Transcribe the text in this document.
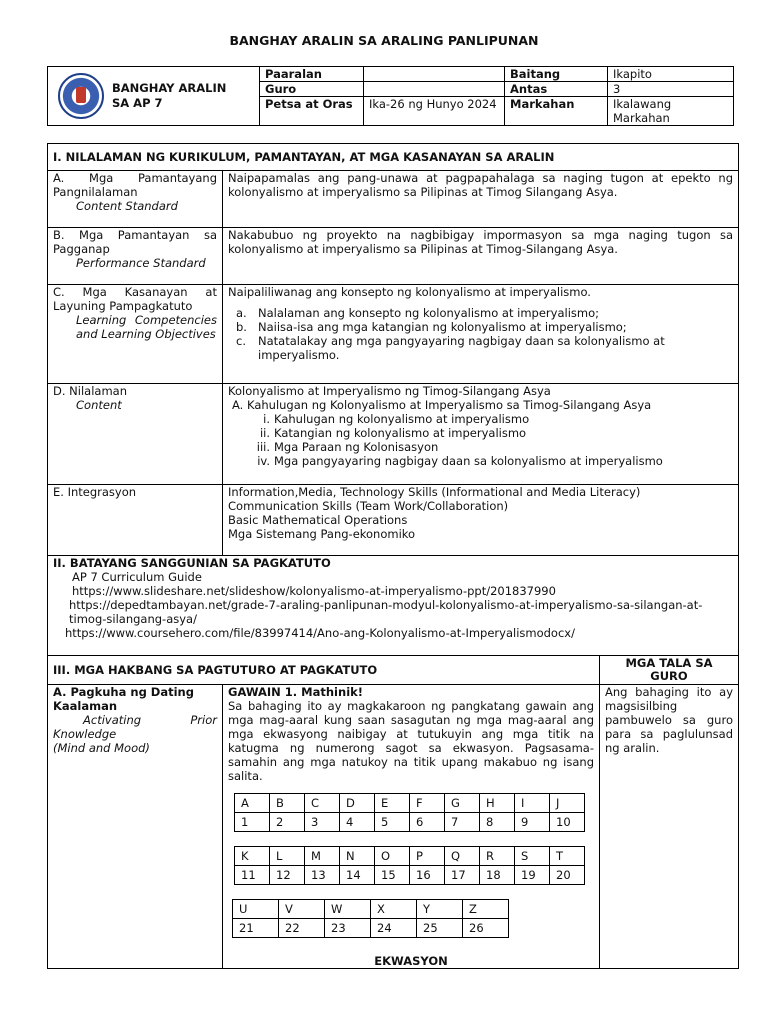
BANGHAY ARALIN SA ARALING PANLIPUNAN
BANGHAY ARALIN SA AP 7	Paaralan		Baitang	Ikapito
	Guro		Antas	3
	Petsa at Oras	Ika-26 ng Hunyo 2024	Markahan	Ikalawang Markahan
I. NILALAMAN NG KURIKULUM, PAMANTAYAN, AT MGA KASANAYAN SA ARALIN

A. Mga Pamantayang Pangnilalaman
Content Standard
	Naipapamalas ang pang-unawa at pagpapahalaga sa naging tugon at epekto ng kolonyalismo at imperyalismo sa Pilipinas at Timog Silangang Asya.

B. Mga Pamantayan sa Pagganap
Performance Standard
	Nakabubuo ng proyekto na nagbibigay impormasyon sa mga naging tugon sa kolonyalismo at imperyalismo sa Pilipinas at Timog-Silangang Asya.

C. Mga Kasanayan at Layuning Pampagkatuto
Learning Competencies and Learning Objectives

Naipaliliwanag ang konsepto ng kolonyalismo at imperyalismo.
a. Nalalaman ang konsepto ng kolonyalismo at imperyalismo;
b. Naiisa-isa ang mga katangian ng kolonyalismo at imperyalismo;
c. Natatalakay ang mga pangyayaring nagbigay daan sa kolonyalismo at imperyalismo.

D. Nilalaman
Content

Kolonyalismo at Imperyalismo ng Timog-Silangang Asya
A. Kahulugan ng Kolonyalismo at Imperyalismo sa Timog-Silangang Asya
i. Kahulugan ng kolonyalismo at imperyalismo
ii. Katangian ng kolonyalismo at imperyalismo
iii. Mga Paraan ng Kolonisasyon
iv. Mga pangyayaring nagbigay daan sa kolonyalismo at imperyalismo

E. Integrasyon	Information,Media, Technology Skills (Informational and Media Literacy)
Communication Skills (Team Work/Collaboration)
Basic Mathematical Operations
Mga Sistemang Pang-ekonomiko

II. BATAYANG SANGGUNIAN SA PAGKATUTO
AP 7 Curriculum Guide
https://www.slideshare.net/slideshow/kolonyalismo-at-imperyalismo-ppt/201837990
https://depedtambayan.net/grade-7-araling-panlipunan-modyul-kolonyalismo-at-imperyalismo-sa-silangan-at-timog-silangang-asya/
https://www.coursehero.com/file/83997414/Ano-ang-Kolonyalismo-at-Imperyalismodocx/

III. MGA HAKBANG SA PAGTUTURO AT PAGKATUTO	MGA TALA SA GURO

A. Pagkuha ng Dating Kaalaman
Activating Prior Knowledge
(Mind and Mood)

GAWAIN 1. Mathinik!
Sa bahaging ito ay magkakaroon ng pangkatang gawain ang mga mag-aaral kung saan sasagutan ng mga mag-aaral ang mga ekwasyong naibigay at tutukuyin ang mga titik na katugma ng numerong sagot sa ekwasyon. Pagsasama-samahin ang mga natukoy na titik upang makabuo ng isang salita.
A	B	C	D	E	F	G	H	I	J
1	2	3	4	5	6	7	8	9	10
K	L	M	N	O	P	Q	R	S	T
11	12	13	14	15	16	17	18	19	20
U	V	W	X	Y	Z
21	22	23	24	25	26
EKWASYON
	Ang bahaging ito ay magsisilbing pambuwelo sa guro para sa paglulunsad ng aralin.
